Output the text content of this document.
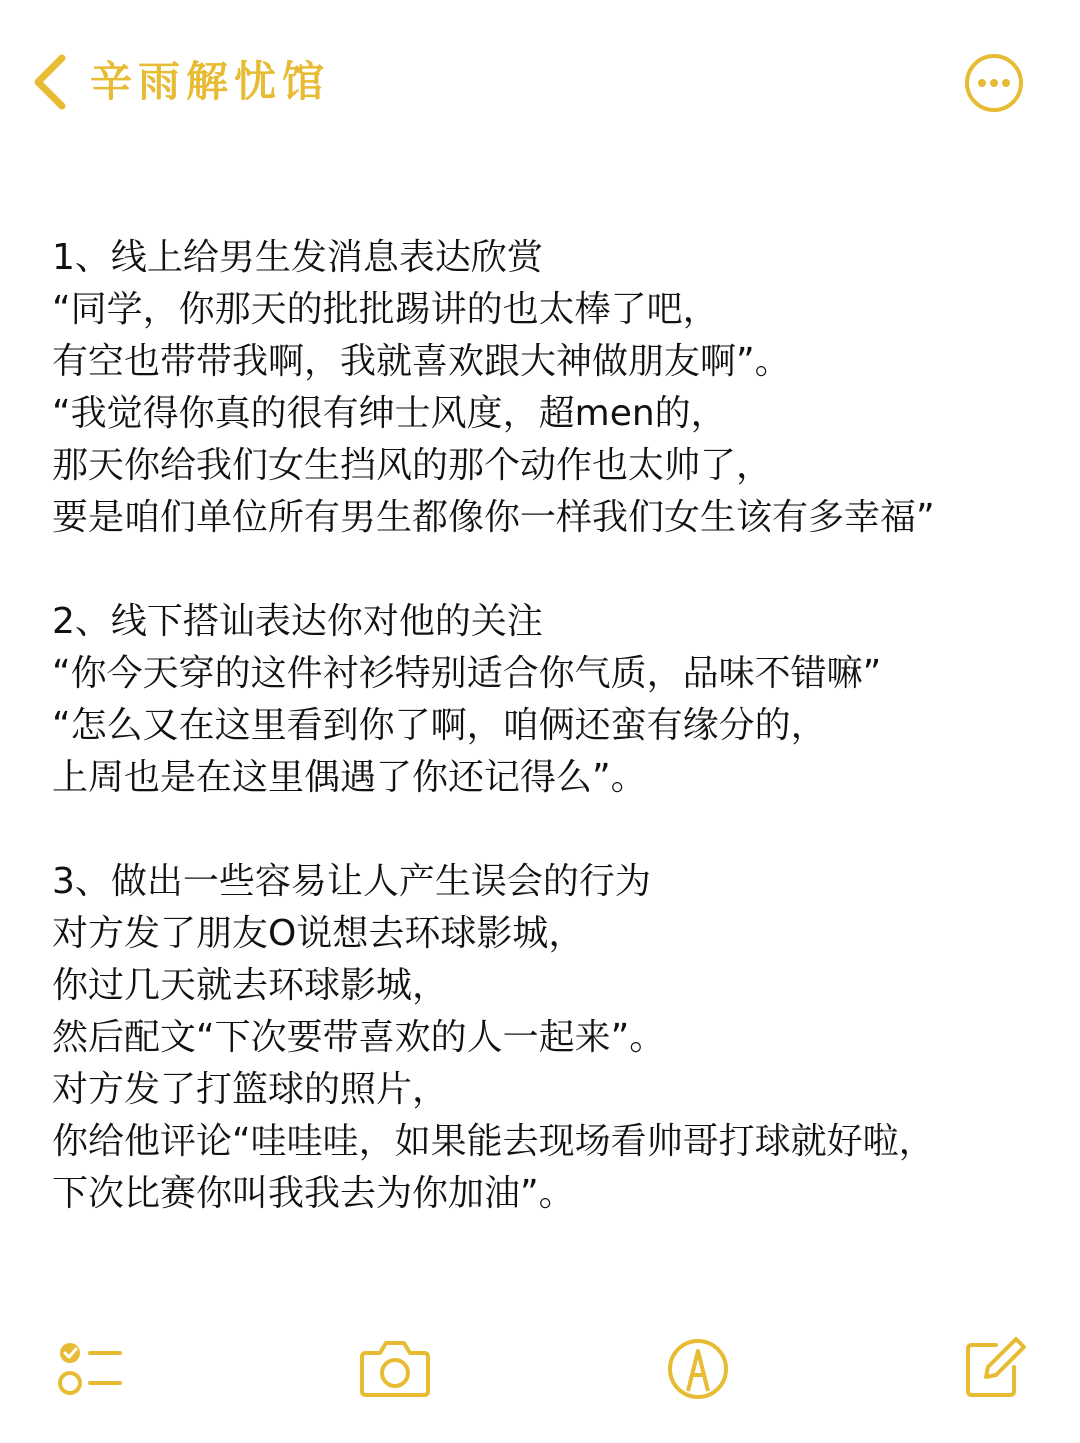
辛雨解忧馆
1、线上给男生发消息表达欣赏
“同学，你那天的批批踢讲的也太棒了吧，
有空也带带我啊，我就喜欢跟大神做朋友啊”。
“我觉得你真的很有绅士风度，超men的，
那天你给我们女生挡风的那个动作也太帅了，
要是咱们单位所有男生都像你一样我们女生该有多幸福”
2、线下搭讪表达你对他的关注
“你今天穿的这件衬衫特别适合你气质，品味不错嘛”
“怎么又在这里看到你了啊，咱俩还蛮有缘分的，
上周也是在这里偶遇了你还记得么”。
3、做出一些容易让人产生误会的行为
对方发了朋友O说想去环球影城，
你过几天就去环球影城，
然后配文“下次要带喜欢的人一起来”。
对方发了打篮球的照片，
你给他评论“哇哇哇，如果能去现场看帅哥打球就好啦，
下次比赛你叫我我去为你加油”。
